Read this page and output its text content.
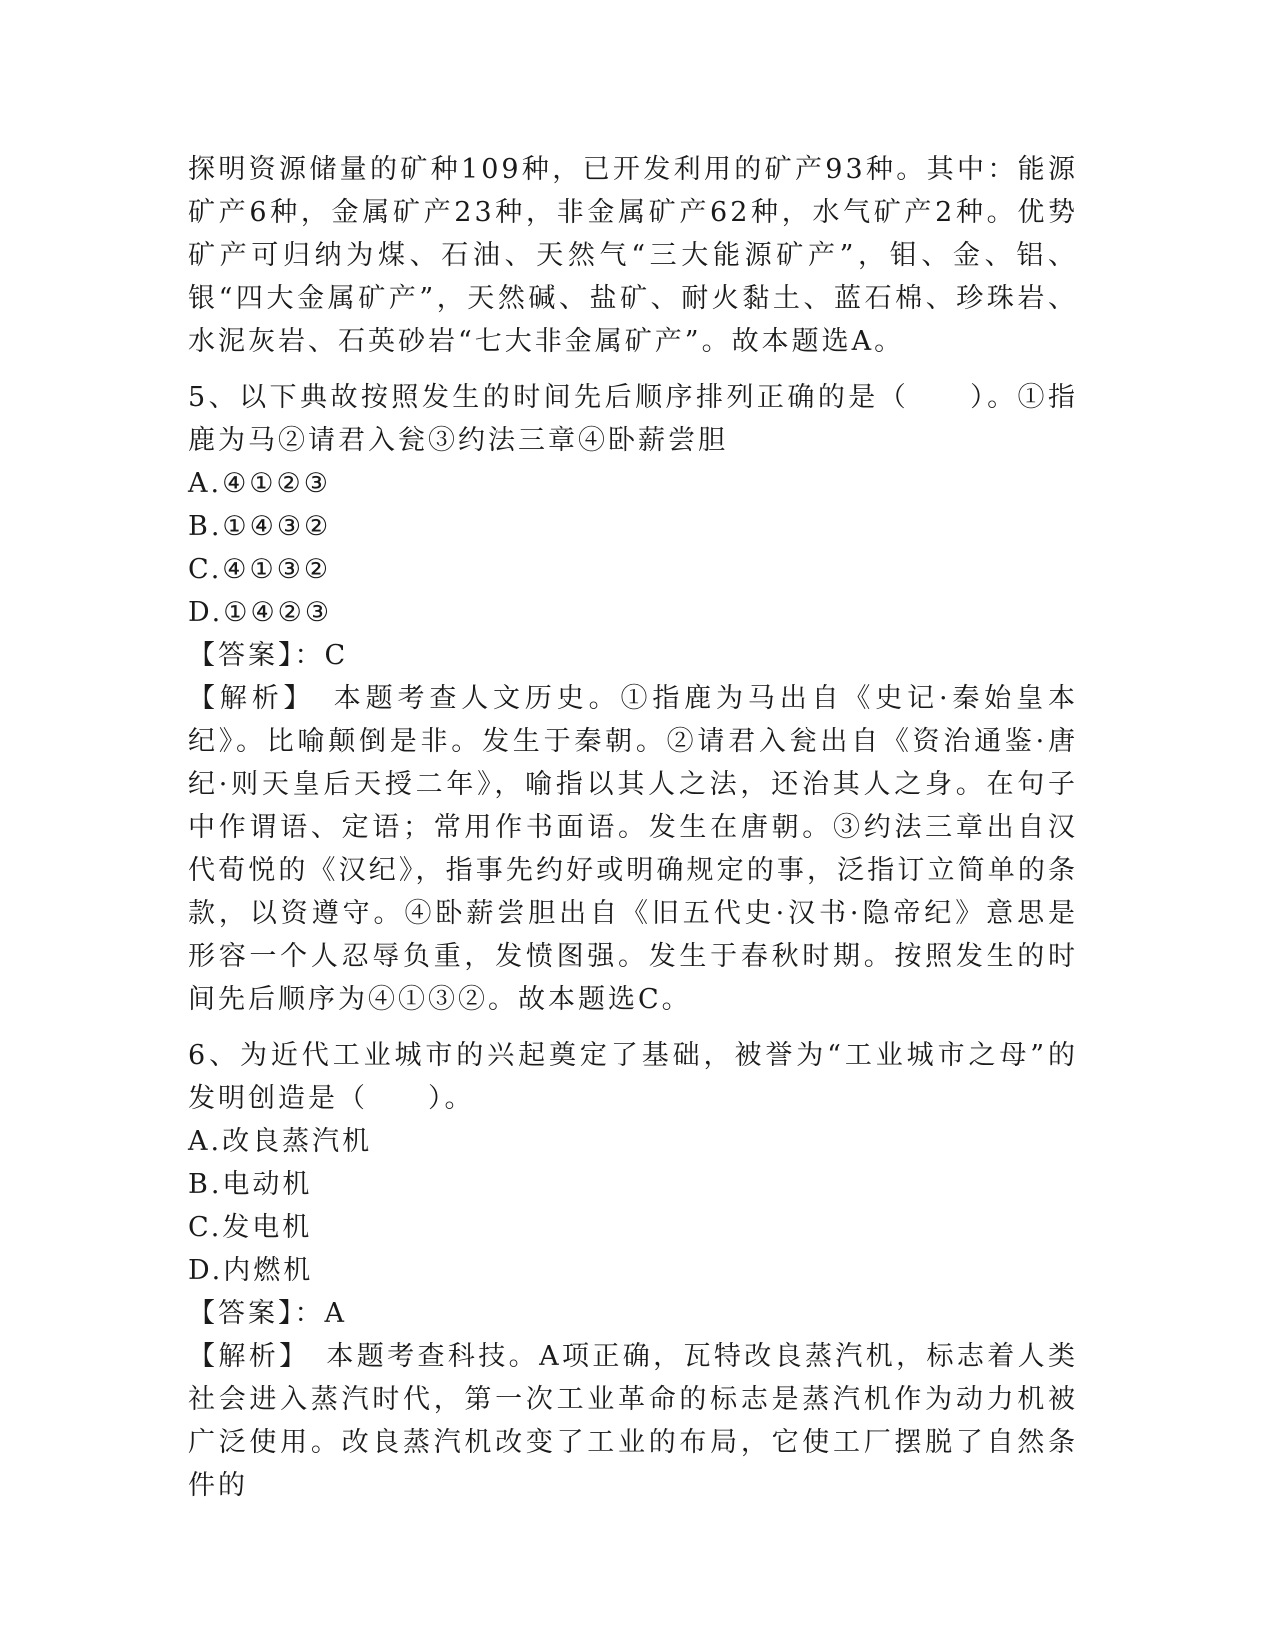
探明资源储量的矿种109种，已开发利用的矿产93种。其中：能源矿产6种，金属矿产23种，非金属矿产62种，水气矿产2种。优势矿产可归纳为煤、石油、天然气“三大能源矿产”，钼、金、铝、银“四大金属矿产”，天然碱、盐矿、耐火黏土、蓝石棉、珍珠岩、水泥灰岩、石英砂岩“七大非金属矿产”。故本题选A。

5、以下典故按照发生的时间先后顺序排列正确的是（　　）。①指鹿为马②请君入瓮③约法三章④卧薪尝胆

A.④①②③

B.①④③②

C.④①③②

D.①④②③

【答案】：C

【解析】　本题考查人文历史。①指鹿为马出自《史记·秦始皇本纪》。比喻颠倒是非。发生于秦朝。②请君入瓮出自《资治通鉴·唐纪·则天皇后天授二年》，喻指以其人之法，还治其人之身。在句子中作谓语、定语；常用作书面语。发生在唐朝。③约法三章出自汉代荀悦的《汉纪》，指事先约好或明确规定的事，泛指订立简单的条款，以资遵守。④卧薪尝胆出自《旧五代史·汉书·隐帝纪》意思是形容一个人忍辱负重，发愤图强。发生于春秋时期。按照发生的时间先后顺序为④①③②。故本题选C。

6、为近代工业城市的兴起奠定了基础，被誉为“工业城市之母”的发明创造是（　　）。

A.改良蒸汽机

B.电动机

C.发电机

D.内燃机

【答案】：A

【解析】　本题考查科技。A项正确，瓦特改良蒸汽机，标志着人类社会进入蒸汽时代，第一次工业革命的标志是蒸汽机作为动力机被广泛使用。改良蒸汽机改变了工业的布局，它使工厂摆脱了自然条件的
